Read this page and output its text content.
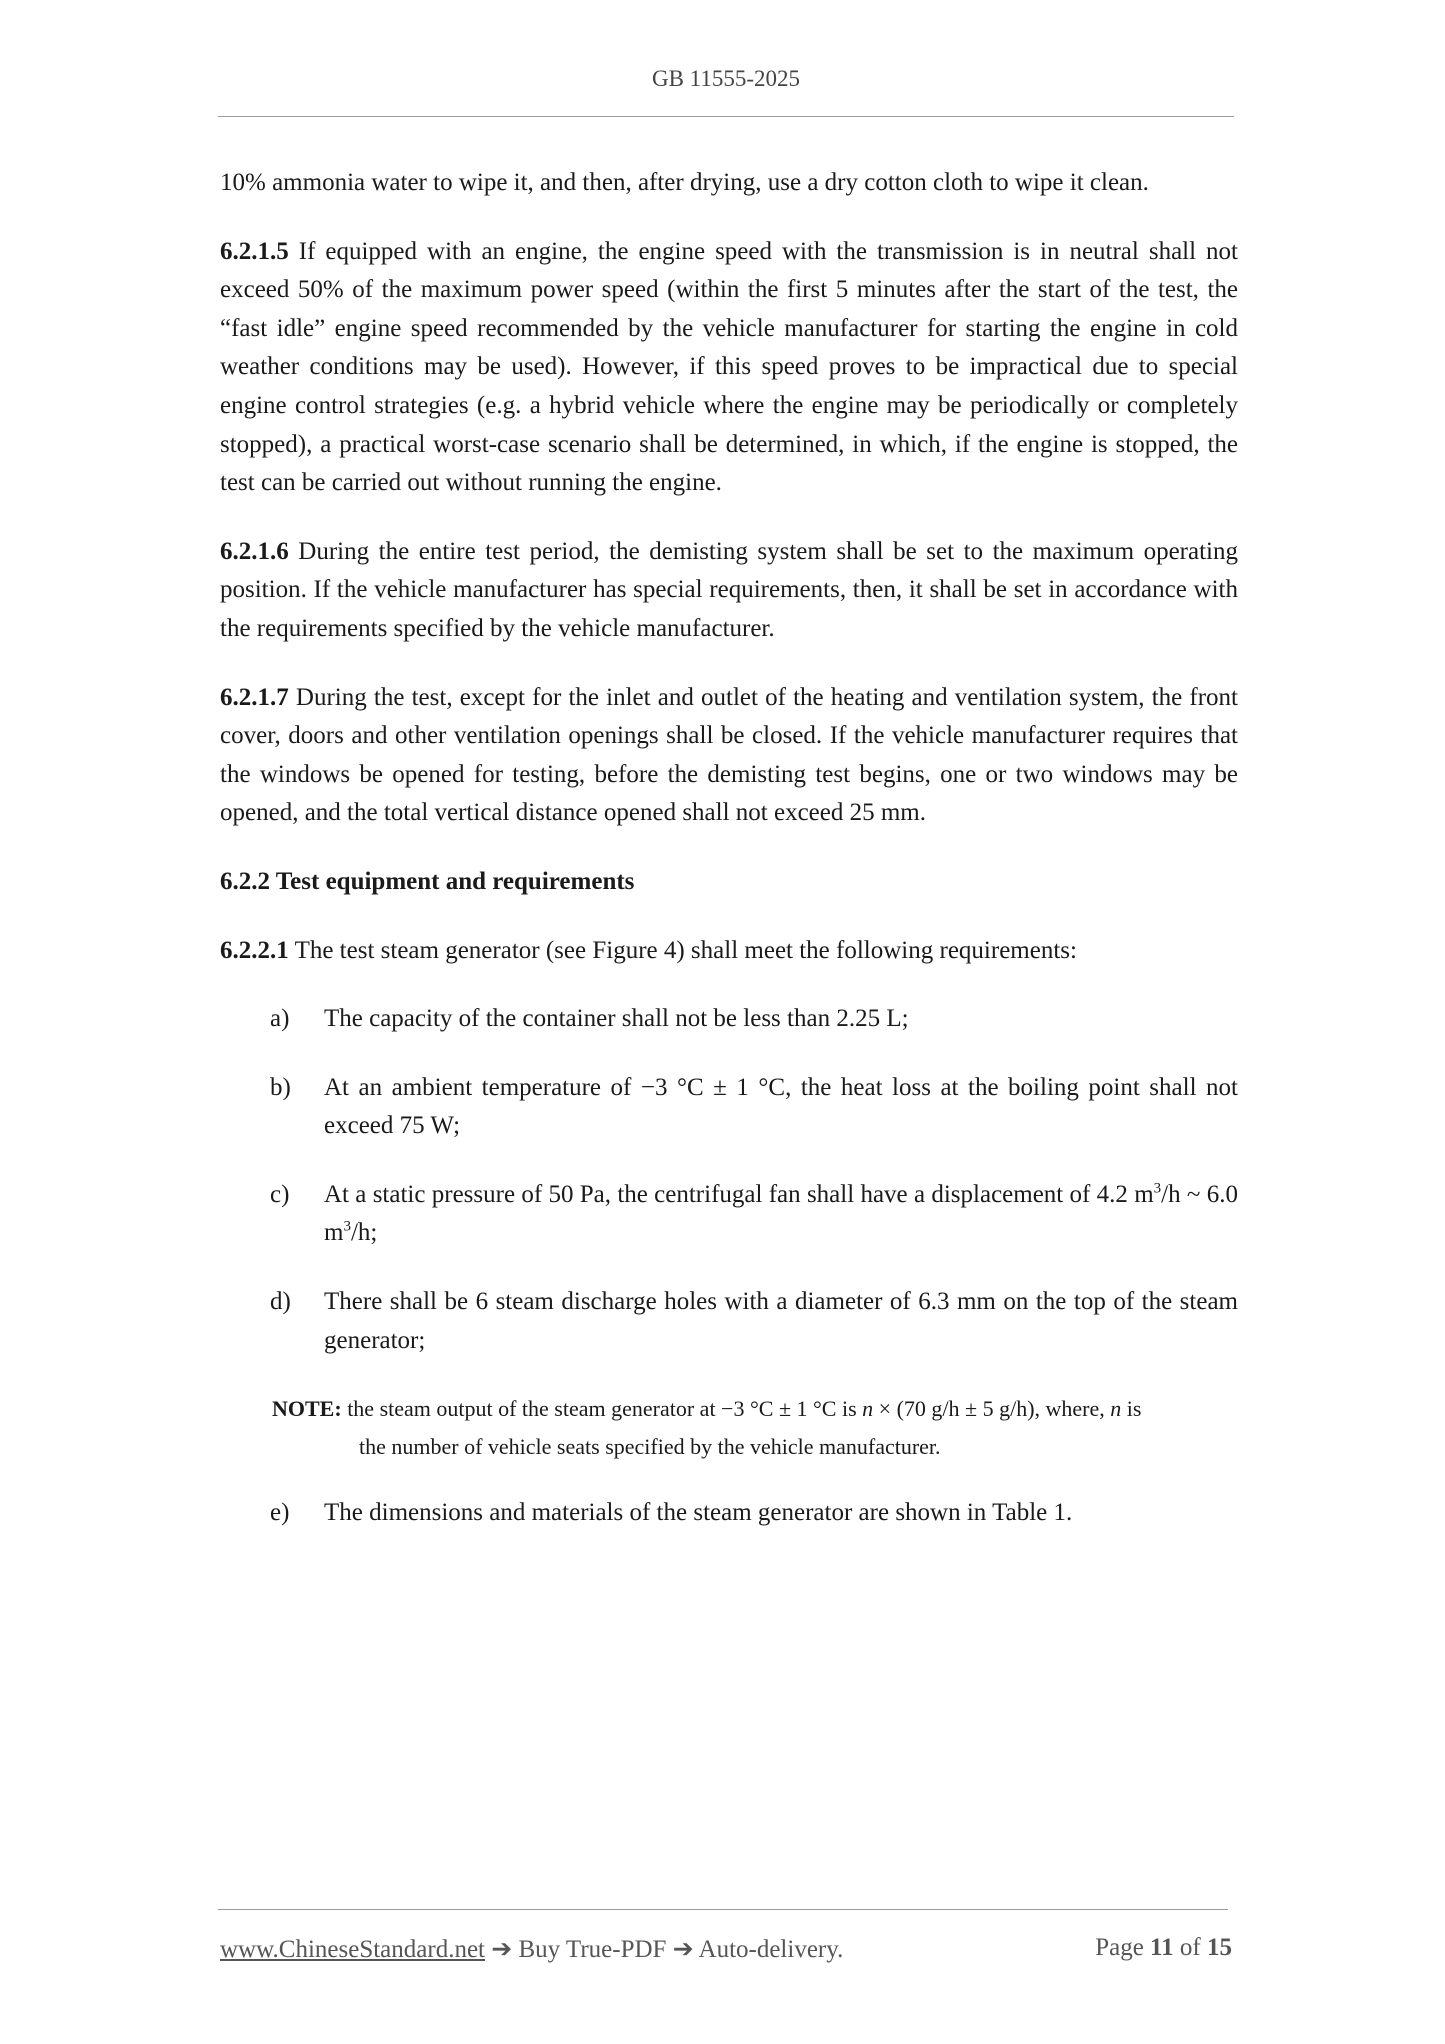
GB 11555-2025

10% ammonia water to wipe it, and then, after drying, use a dry cotton cloth to wipe it clean.

6.2.1.5 If equipped with an engine, the engine speed with the transmission is in neutral shall not exceed 50% of the maximum power speed (within the first 5 minutes after the start of the test, the “fast idle” engine speed recommended by the vehicle manufacturer for starting the engine in cold weather conditions may be used). However, if this speed proves to be impractical due to special engine control strategies (e.g. a hybrid vehicle where the engine may be periodically or completely stopped), a practical worst-case scenario shall be determined, in which, if the engine is stopped, the test can be carried out without running the engine.

6.2.1.6 During the entire test period, the demisting system shall be set to the maximum operating position. If the vehicle manufacturer has special requirements, then, it shall be set in accordance with the requirements specified by the vehicle manufacturer.

6.2.1.7 During the test, except for the inlet and outlet of the heating and ventilation system, the front cover, doors and other ventilation openings shall be closed. If the vehicle manufacturer requires that the windows be opened for testing, before the demisting test begins, one or two windows may be opened, and the total vertical distance opened shall not exceed 25 mm.

6.2.2 Test equipment and requirements

6.2.2.1 The test steam generator (see Figure 4) shall meet the following requirements:

a) The capacity of the container shall not be less than 2.25 L;
b) At an ambient temperature of −3 °C ± 1 °C, the heat loss at the boiling point shall not exceed 75 W;
c) At a static pressure of 50 Pa, the centrifugal fan shall have a displacement of 4.2 $m^3/h$ ~ 6.0 $m^3/h$;
d) There shall be 6 steam discharge holes with a diameter of 6.3 mm on the top of the steam generator;
NOTE: the steam output of the steam generator at −3 °C ± 1 °C is n × (70 g/h ± 5 g/h), where, n is
the number of vehicle seats specified by the vehicle manufacturer.
e) The dimensions and materials of the steam generator are shown in Table 1.
www.ChineseStandard.net ➔ Buy True-PDF ➔ Auto-delivery.	Page 11 of 15
